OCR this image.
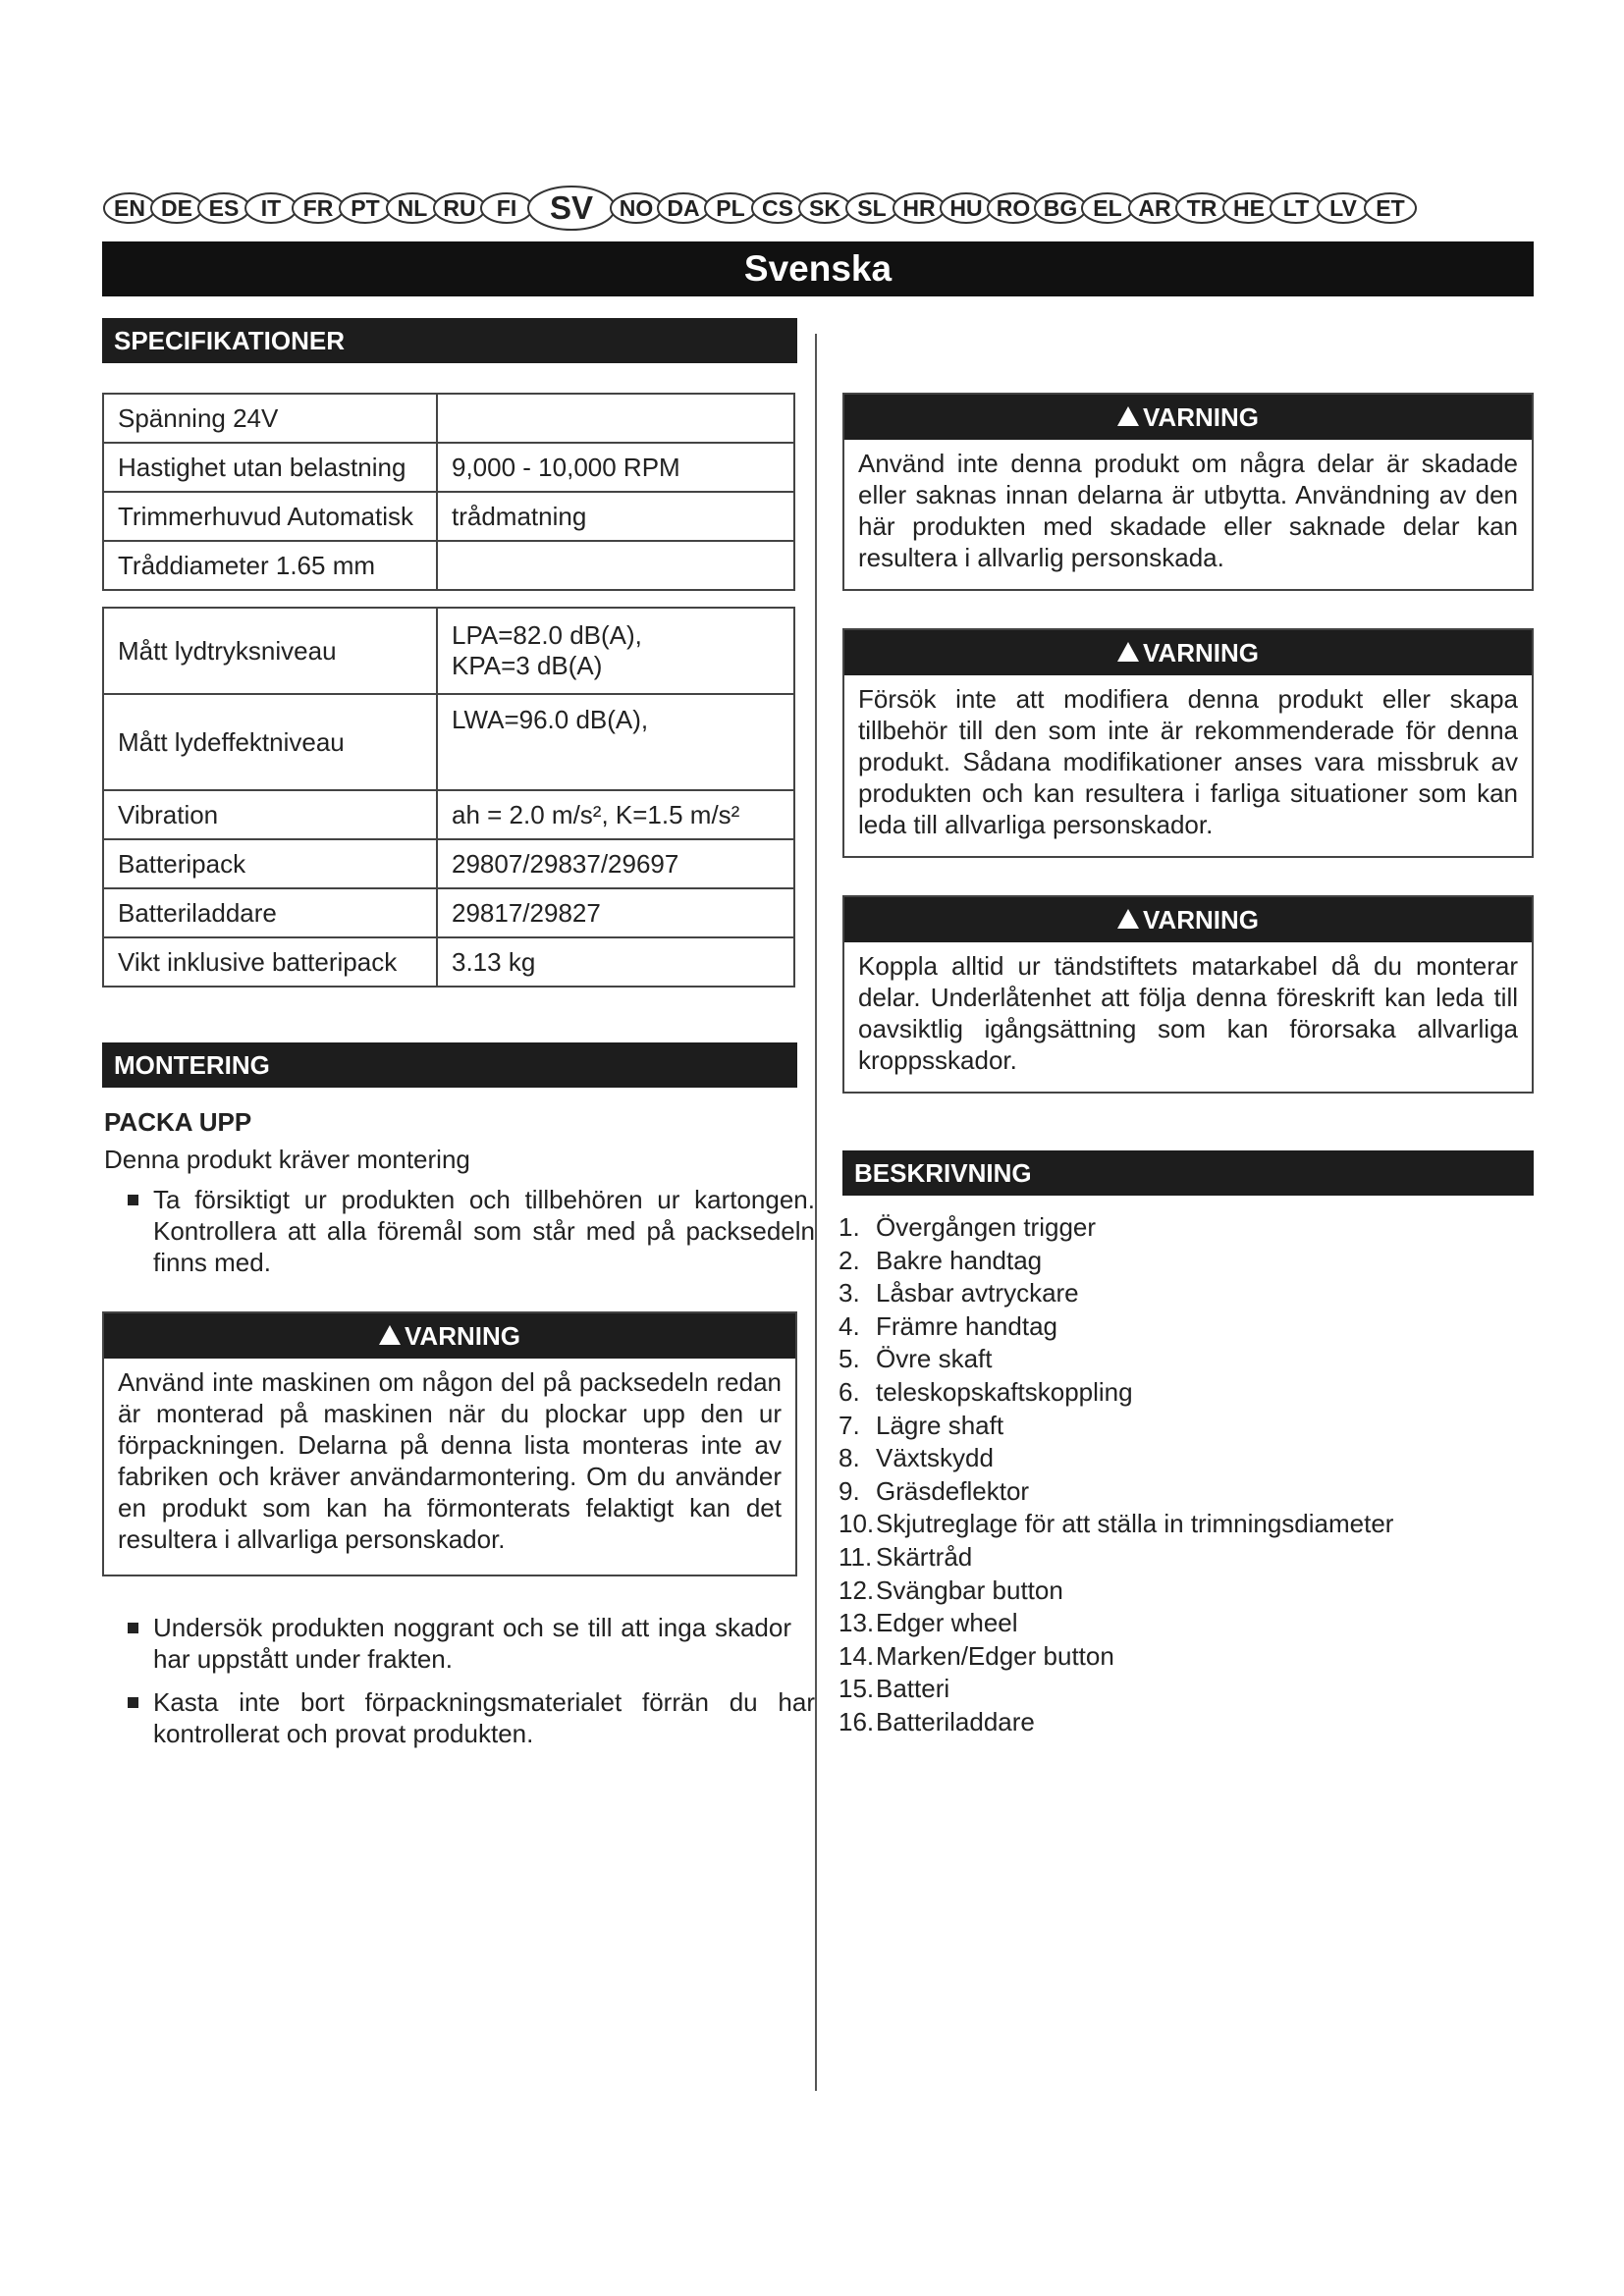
EN DE ES IT FR PT NL RU FI SV NO DA PL CS SK SL HR HU RO BG EL AR TR HE LT LV ET
Svenska
SPECIFIKATIONER
Spänning 24V	
Hastighet utan belastning	9,000 - 10,000 RPM
Trimmerhuvud Automatisk	trådmatning
Tråddiameter 1.65 mm	
Mått lydtryksniveau	LPA=82.0 dB(A),
KPA=3 dB(A)

Mått lydeffektniveau	LWA=96.0 dB(A),
Vibration	ah = 2.0 m/s², K=1.5 m/s²
Batteripack	29807/29837/29697
Batteriladdare	29817/29827
Vikt inklusive batteripack	3.13 kg
MONTERING
PACKA UPP
Denna produkt kräver montering
Ta försiktigt ur produkten och tillbehören ur kartongen. Kontrollera att alla föremål som står med på packsedeln finns med.
VARNING
Använd inte maskinen om någon del på packsedeln redan är monterad på maskinen när du plockar upp den ur förpackningen. Delarna på denna lista monteras inte av fabriken och kräver användarmontering. Om du använder en produkt som kan ha förmonterats felaktigt kan det resultera i allvarliga personskador.
Undersök produkten noggrant och se till att inga skador har uppstått under frakten.
Kasta inte bort förpackningsmaterialet förrän du har kontrollerat och provat produkten.
VARNING
Använd inte denna produkt om några delar är skadade eller saknas innan delarna är utbytta. Användning av den här produkten med skadade eller saknade delar kan resultera i allvarlig personskada.
VARNING
Försök inte att modifiera denna produkt eller skapa tillbehör till den som inte är rekommenderade för denna produkt. Sådana modifikationer anses vara missbruk av produkten och kan resultera i farliga situationer som kan leda till allvarliga personskador.
VARNING
Koppla alltid ur tändstiftets matarkabel då du monterar delar. Underlåtenhet att följa denna föreskrift kan leda till oavsiktlig igångsättning som kan förorsaka allvarliga kroppsskador.
BESKRIVNING
1. Övergången trigger
2. Bakre handtag
3. Låsbar avtryckare
4. Främre handtag
5. Övre skaft
6. teleskopskaftskoppling
7. Lägre shaft
8. Växtskydd
9. Gräsdeflektor
10.Skjutreglage för att ställa in trimningsdiameter
11. Skärtråd
12.Svängbar button
13.Edger wheel
14.Marken/Edger button
15.Batteri
16.Batteriladdare
